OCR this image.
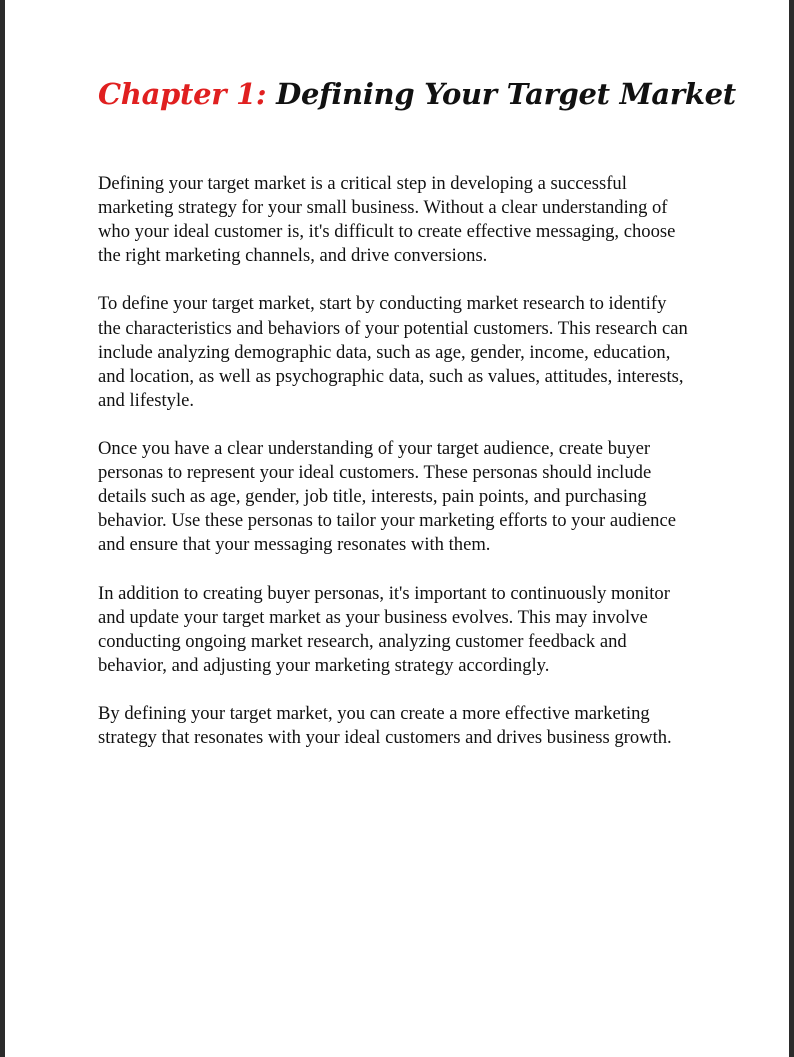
Chapter 1: Defining Your Target Market

Defining your target market is a critical step in developing a successful marketing strategy for your small business. Without a clear understanding of who your ideal customer is, it's difficult to create effective messaging, choose the right marketing channels, and drive conversions.

To define your target market, start by conducting market research to identify the characteristics and behaviors of your potential customers. This research can include analyzing demographic data, such as age, gender, income, education, and location, as well as psychographic data, such as values, attitudes, interests, and lifestyle.

Once you have a clear understanding of your target audience, create buyer personas to represent your ideal customers. These personas should include details such as age, gender, job title, interests, pain points, and purchasing behavior. Use these personas to tailor your marketing efforts to your audience and ensure that your messaging resonates with them.

In addition to creating buyer personas, it's important to continuously monitor and update your target market as your business evolves. This may involve conducting ongoing market research, analyzing customer feedback and behavior, and adjusting your marketing strategy accordingly.

By defining your target market, you can create a more effective marketing strategy that resonates with your ideal customers and drives business growth.
